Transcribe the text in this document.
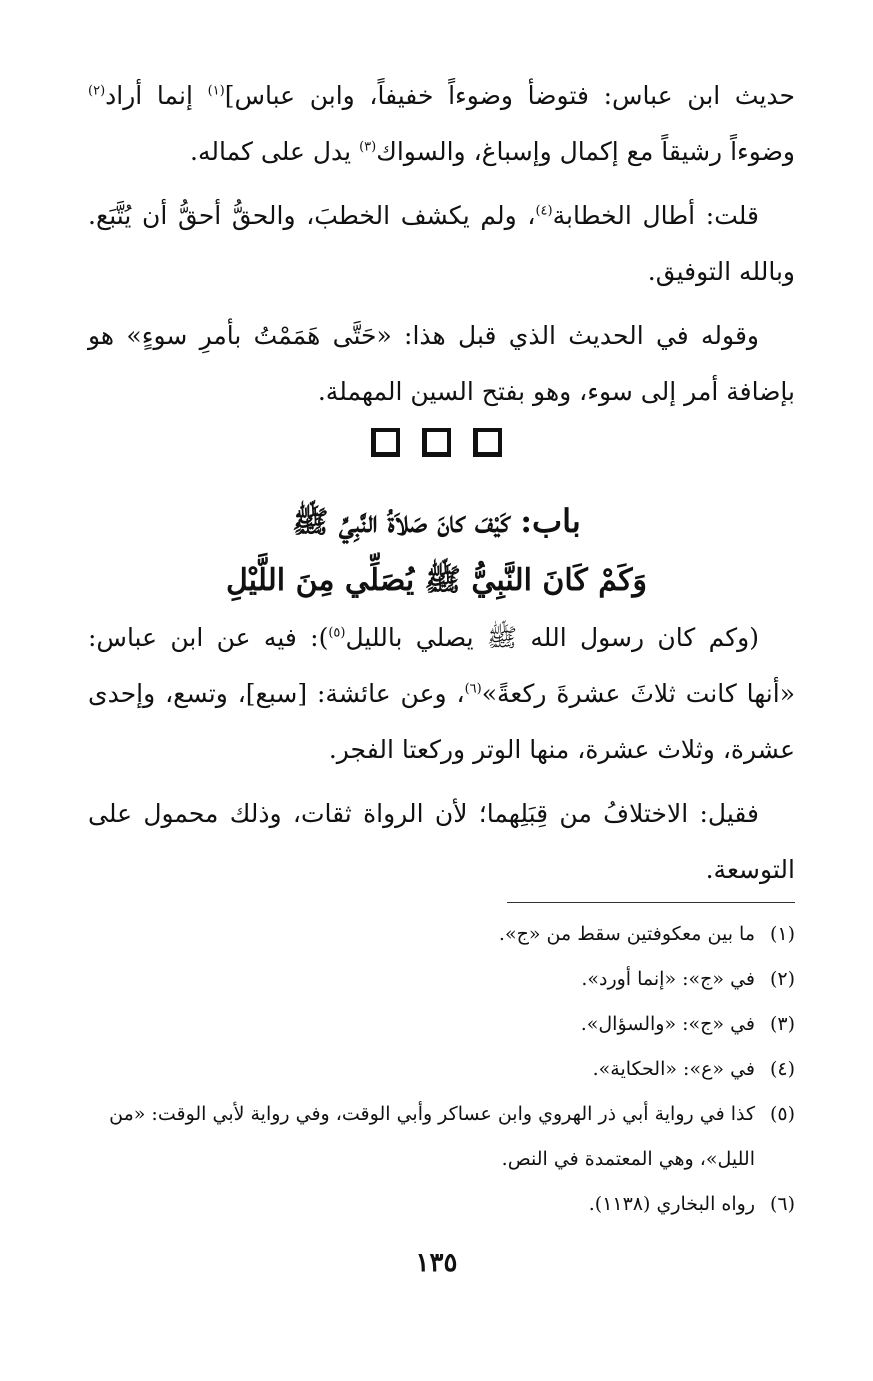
حديث ابن عباس: فتوضأ وضوءاً خفيفاً، وابن عباس]$^{(١)}$ إنما أراد$^{(٢)}$ وضوءاً رشيقاً مع إكمال وإسباغ، والسواك$^{(٣)}$ يدل على كماله.

قلت: أطال الخطابة$^{(٤)}$، ولم يكشف الخطبَ، والحقُّ أحقُّ أن يُتَّبَع. وبالله التوفيق.

وقوله في الحديث الذي قبل هذا: «حَتَّى هَمَمْتُ بأمرِ سوءٍ» هو بإضافة أمر إلى سوء، وهو بفتح السين المهملة.

باب: كَيْفَ كانَ صَلاَةُ النَّبِيِّ ﷺ
وَكَمْ كَانَ النَّبِيُّ ﷺ يُصَلِّي مِنَ اللَّيْلِ

(وكم كان رسول الله ﷺ يصلي بالليل$^{(٥)}$): فيه عن ابن عباس: «أنها كانت ثلاثَ عشرةَ ركعةً»$^{(٦)}$، وعن عائشة: [سبع]، وتسع، وإحدى عشرة، وثلاث عشرة، منها الوتر وركعتا الفجر.

فقيل: الاختلافُ من قِبَلِهما؛ لأن الرواة ثقات، وذلك محمول على التوسعة.

(١)
ما بين معكوفتين سقط من «ج».
(٢)
في «ج»: «إنما أورد».
(٣)
في «ج»: «والسؤال».
(٤)
في «ع»: «الحكاية».
(٥)
كذا في رواية أبي ذر الهروي وابن عساكر وأبي الوقت، وفي رواية لأبي الوقت: «من الليل»، وهي المعتمدة في النص.
(٦)
رواه البخاري (١١٣٨).
١٣٥
